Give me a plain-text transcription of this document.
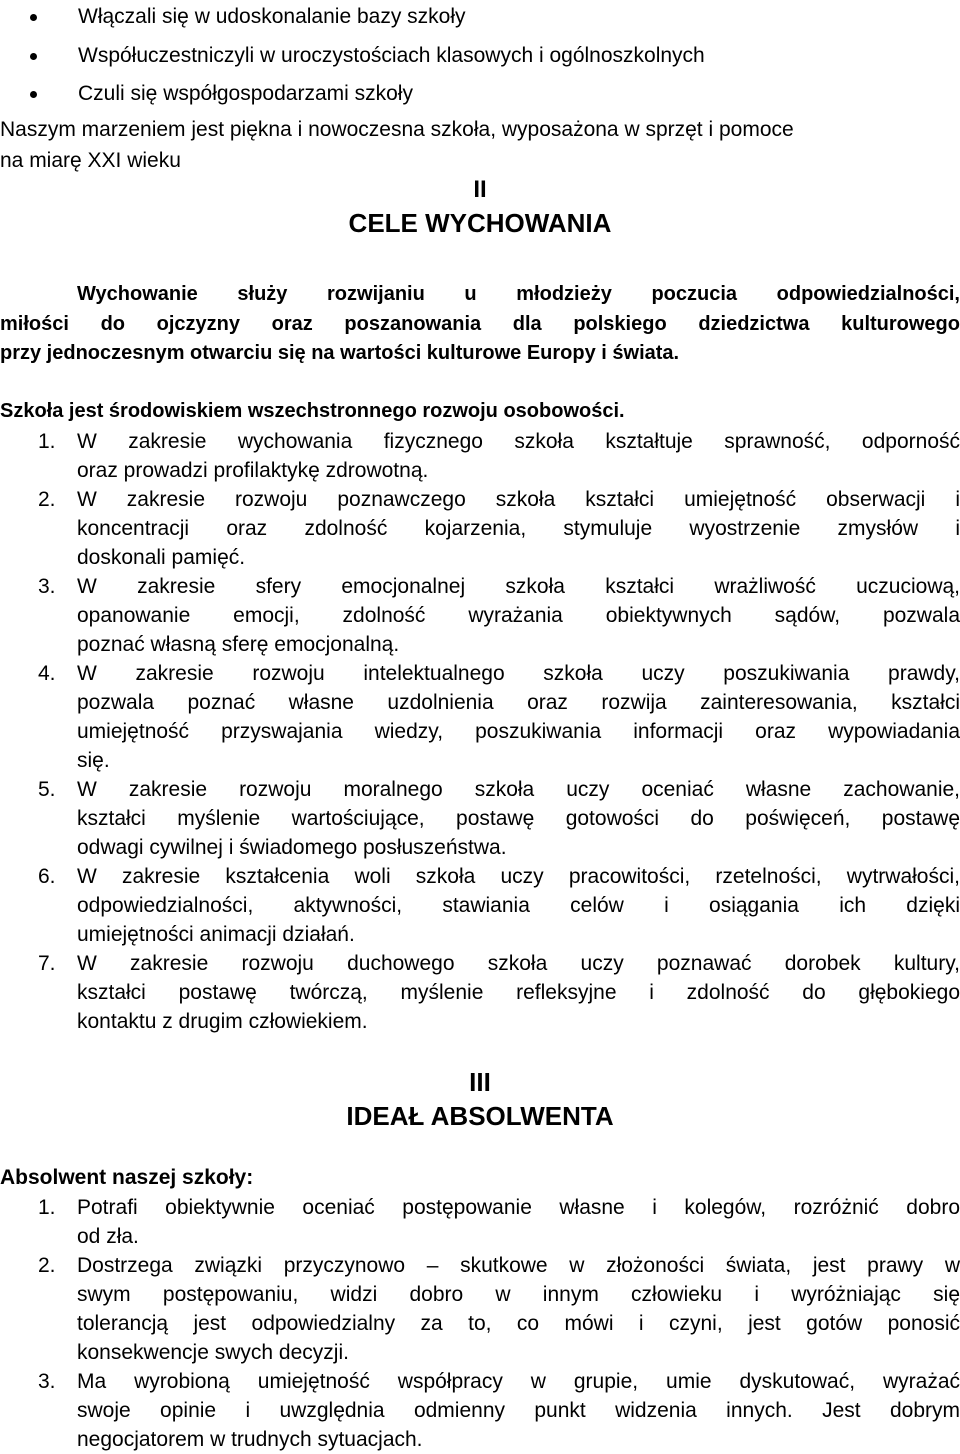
Włączali się w udoskonalanie bazy szkoły
Współuczestniczyli w uroczystościach klasowych i ogólnoszkolnych
Czuli się współgospodarzami szkoły
Naszym marzeniem jest piękna i nowoczesna szkoła, wyposażona w sprzęt i pomoce
na miarę XXI wieku
II
CELE WYCHOWANIA
Wychowanie służy rozwijaniu u młodzieży poczucia odpowiedzialności,
miłości do ojczyzny oraz poszanowania dla polskiego dziedzictwa kulturowego
przy jednoczesnym otwarciu się na wartości kulturowe Europy i świata.
Szkoła jest środowiskiem wszechstronnego rozwoju osobowości.
1. W zakresie wychowania fizycznego szkoła kształtuje sprawność, odporność
oraz prowadzi profilaktykę zdrowotną.
2. W zakresie rozwoju poznawczego szkoła kształci umiejętność obserwacji i
koncentracji oraz zdolność kojarzenia, stymuluje wyostrzenie zmysłów i
doskonali pamięć.
3. W zakresie sfery emocjonalnej szkoła kształci wrażliwość uczuciową,
opanowanie emocji, zdolność wyrażania obiektywnych sądów, pozwala
poznać własną sferę emocjonalną.
4. W zakresie rozwoju intelektualnego szkoła uczy poszukiwania prawdy,
pozwala poznać własne uzdolnienia oraz rozwija zainteresowania, kształci
umiejętność przyswajania wiedzy, poszukiwania informacji oraz wypowiadania
się.
5. W zakresie rozwoju moralnego szkoła uczy oceniać własne zachowanie,
kształci myślenie wartościujące, postawę gotowości do poświęceń, postawę
odwagi cywilnej i świadomego posłuszeństwa.
6. W zakresie kształcenia woli szkoła uczy pracowitości, rzetelności, wytrwałości,
odpowiedzialności, aktywności, stawiania celów i osiągania ich dzięki
umiejętności animacji działań.
7. W zakresie rozwoju duchowego szkoła uczy poznawać dorobek kultury,
kształci postawę twórczą, myślenie refleksyjne i zdolność do głębokiego
kontaktu z drugim człowiekiem.
III
IDEAŁ ABSOLWENTA
Absolwent naszej szkoły:
1. Potrafi obiektywnie oceniać postępowanie własne i kolegów, rozróżnić dobro
od zła.
2. Dostrzega związki przyczynowo – skutkowe w złożoności świata, jest prawy w
swym postępowaniu, widzi dobro w innym człowieku i wyróżniając się
tolerancją jest odpowiedzialny za to, co mówi i czyni, jest gotów ponosić
konsekwencje swych decyzji.
3. Ma wyrobioną umiejętność współpracy w grupie, umie dyskutować, wyrażać
swoje opinie i uwzględnia odmienny punkt widzenia innych. Jest dobrym
negocjatorem w trudnych sytuacjach.
